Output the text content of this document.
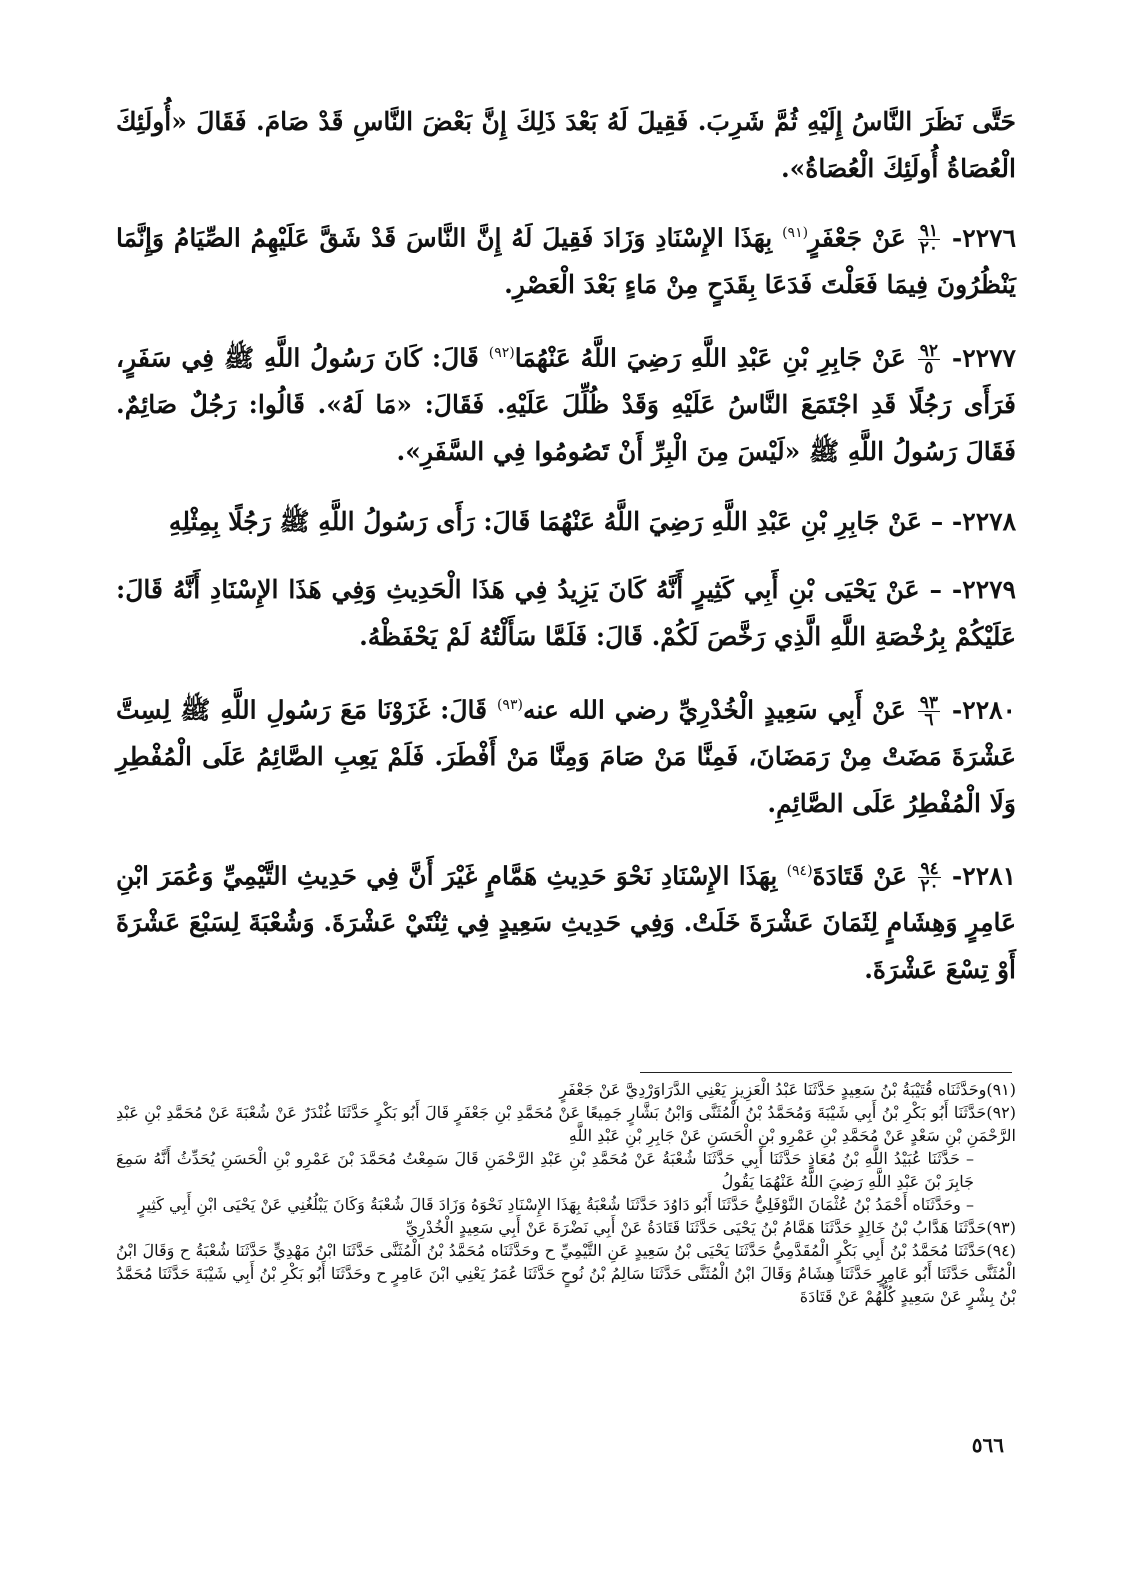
حَتَّى نَظَرَ النَّاسُ إِلَيْهِ ثُمَّ شَرِبَ. فَقِيلَ لَهُ بَعْدَ ذَلِكَ إِنَّ بَعْضَ النَّاسِ قَدْ صَامَ. فَقَالَ «أُولَئِكَ الْعُصَاةُ أُولَئِكَ الْعُصَاةُ».
٢٢٧٦-
$\frac{٩١}{٢٠}$
عَنْ جَعْفَرٍ$^{(٩١)}$ بِهَذَا الإِسْنَادِ وَزَادَ فَقِيلَ لَهُ إِنَّ النَّاسَ قَدْ شَقَّ عَلَيْهِمُ الصِّيَامُ وَإِنَّمَا يَنْظُرُونَ فِيمَا فَعَلْتَ فَدَعَا بِقَدَحٍ مِنْ مَاءٍ بَعْدَ الْعَصْرِ.
٢٢٧٧-
$\frac{٩٢}{٥}$
عَنْ جَابِرِ بْنِ عَبْدِ اللَّهِ رَضِيَ اللَّهُ عَنْهُمَا$^{(٩٢)}$ قَالَ: كَانَ رَسُولُ اللَّهِ ﷺ فِي سَفَرٍ، فَرَأَى رَجُلًا قَدِ اجْتَمَعَ النَّاسُ عَلَيْهِ وَقَدْ ظُلِّلَ عَلَيْهِ. فَقَالَ: «مَا لَهُ». قَالُوا: رَجُلٌ صَائِمٌ. فَقَالَ رَسُولُ اللَّهِ ﷺ «لَيْسَ مِنَ الْبِرِّ أَنْ تَصُومُوا فِي السَّفَرِ».
٢٢٧٨- – عَنْ جَابِرِ بْنِ عَبْدِ اللَّهِ رَضِيَ اللَّهُ عَنْهُمَا قَالَ: رَأَى رَسُولُ اللَّهِ ﷺ رَجُلًا بِمِثْلِهِ
٢٢٧٩- – عَنْ يَحْيَى بْنِ أَبِي كَثِيرٍ أَنَّهُ كَانَ يَزِيدُ فِي هَذَا الْحَدِيثِ وَفِي هَذَا الإِسْنَادِ أَنَّهُ قَالَ: عَلَيْكُمْ بِرُخْصَةِ اللَّهِ الَّذِي رَخَّصَ لَكُمْ. قَالَ: فَلَمَّا سَأَلْتُهُ لَمْ يَحْفَظْهُ.
٢٢٨٠-
$\frac{٩٣}{٦}$
عَنْ أَبِي سَعِيدٍ الْخُدْرِيِّ رضي الله عنه$^{(٩٣)}$ قَالَ: غَزَوْنَا مَعَ رَسُولِ اللَّهِ ﷺ لِسِتَّ عَشْرَةَ مَضَتْ مِنْ رَمَضَانَ، فَمِنَّا مَنْ صَامَ وَمِنَّا مَنْ أَفْطَرَ. فَلَمْ يَعِبِ الصَّائِمُ عَلَى الْمُفْطِرِ وَلَا الْمُفْطِرُ عَلَى الصَّائِمِ.
٢٢٨١-
$\frac{٩٤}{٢٠}$
عَنْ قَتَادَةَ$^{(٩٤)}$ بِهَذَا الإِسْنَادِ نَحْوَ حَدِيثِ هَمَّامٍ غَيْرَ أَنَّ فِي حَدِيثِ التَّيْمِيِّ وَعُمَرَ ابْنِ عَامِرٍ وَهِشَامٍ لِثَمَانَ عَشْرَةَ خَلَتْ. وَفِي حَدِيثِ سَعِيدٍ فِي ثِنْتَيْ عَشْرَةَ. وَشُعْبَةَ لِسَبْعَ عَشْرَةَ أَوْ تِسْعَ عَشْرَةَ.

(٩١)وحَدَّثَنَاه قُتَيْبَةُ بْنُ سَعِيدٍ حَدَّثَنَا عَبْدُ الْعَزِيزِ يَعْنِي الدَّرَاوَرْدِيَّ عَنْ جَعْفَرٍ

(٩٢)حَدَّثَنَا أَبُو بَكْرِ بْنُ أَبِي شَيْبَةَ وَمُحَمَّدُ بْنُ الْمُثَنَّى وَابْنُ بَشَّارٍ جَمِيعًا عَنْ مُحَمَّدِ بْنِ جَعْفَرٍ قَالَ أَبُو بَكْرٍ حَدَّثَنَا غُنْدَرٌ عَنْ شُعْبَةَ عَنْ مُحَمَّدِ بْنِ عَبْدِ الرَّحْمَنِ بْنِ سَعْدٍ عَنْ مُحَمَّدِ بْنِ عَمْرِو بْنِ الْحَسَنِ عَنْ جَابِرِ بْنِ عَبْدِ اللَّهِ

– حَدَّثَنَا عُبَيْدُ اللَّهِ بْنُ مُعَاذٍ حَدَّثَنَا أَبِي حَدَّثَنَا شُعْبَةُ عَنْ مُحَمَّدِ بْنِ عَبْدِ الرَّحْمَنِ قَالَ سَمِعْتُ مُحَمَّدَ بْنَ عَمْرِو بْنِ الْحَسَنِ يُحَدِّثُ أَنَّهُ سَمِعَ جَابِرَ بْنَ عَبْدِ اللَّهِ رَضِيَ اللَّهُ عَنْهُمَا يَقُولُ

– وحَدَّثَنَاه أَحْمَدُ بْنُ عُثْمَانَ النَّوْفَلِيُّ حَدَّثَنَا أَبُو دَاوُدَ حَدَّثَنَا شُعْبَةُ بِهَذَا الإِسْنَادِ نَحْوَهُ وَزَادَ قَالَ شُعْبَةُ وَكَانَ يَبْلُغُنِي عَنْ يَحْيَى ابْنِ أَبِي كَثِيرٍ

(٩٣)حَدَّثَنَا هَدَّابُ بْنُ خَالِدٍ حَدَّثَنَا هَمَّامُ بْنُ يَحْيَى حَدَّثَنَا قَتَادَةُ عَنْ أَبِي نَضْرَةَ عَنْ أَبِي سَعِيدٍ الْخُدْرِيِّ

(٩٤)حَدَّثَنَا مُحَمَّدُ بْنُ أَبِي بَكْرٍ الْمُقَدَّمِيُّ حَدَّثَنَا يَحْيَى بْنُ سَعِيدٍ عَنِ التَّيْمِيِّ ح وحَدَّثَنَاه مُحَمَّدُ بْنُ الْمُثَنَّى حَدَّثَنَا ابْنُ مَهْدِيٍّ حَدَّثَنَا شُعْبَةُ ح وَقَالَ ابْنُ الْمُثَنَّى حَدَّثَنَا أَبُو عَامِرٍ حَدَّثَنَا هِشَامٌ وَقَالَ ابْنُ الْمُثَنَّى حَدَّثَنَا سَالِمُ بْنُ نُوحٍ حَدَّثَنَا عُمَرُ يَعْنِي ابْنَ عَامِرٍ ح وحَدَّثَنَا أَبُو بَكْرِ بْنُ أَبِي شَيْبَةَ حَدَّثَنَا مُحَمَّدُ بْنُ بِشْرٍ عَنْ سَعِيدٍ كُلُّهُمْ عَنْ قَتَادَةَ

٥٦٦
